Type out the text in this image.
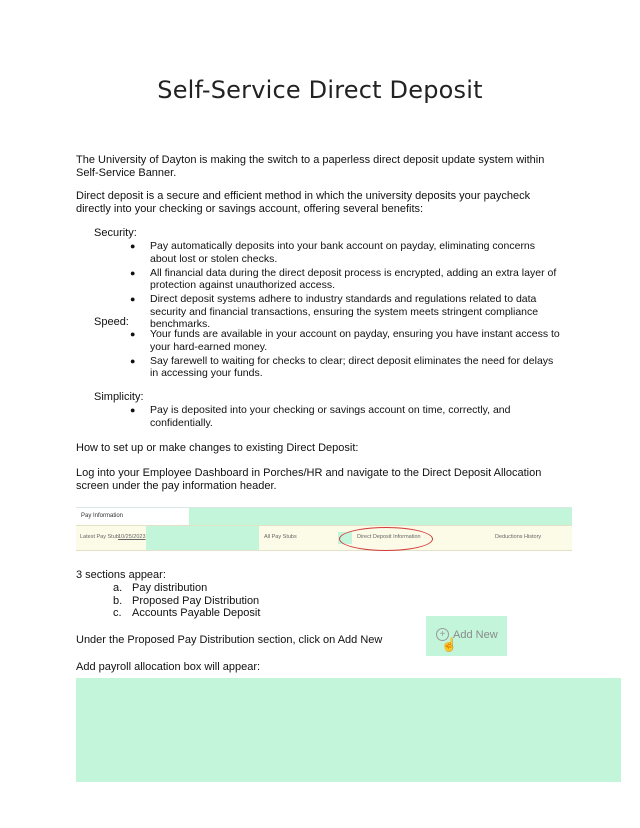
Self-Service Direct Deposit
The University of Dayton is making the switch to a paperless direct deposit update system within Self-Service Banner.
Direct deposit is a secure and efficient method in which the university deposits your paycheck directly into your checking or savings account, offering several benefits:
Security:
● Pay automatically deposits into your bank account on payday, eliminating concerns about lost or stolen checks.
● All financial data during the direct deposit process is encrypted, adding an extra layer of protection against unauthorized access.
● Direct deposit systems adhere to industry standards and regulations related to data security and financial transactions, ensuring the system meets stringent compliance benchmarks.
Speed:
● Your funds are available in your account on payday, ensuring you have instant access to your hard-earned money.
● Say farewell to waiting for checks to clear; direct deposit eliminates the need for delays in accessing your funds.
Simplicity:
● Pay is deposited into your checking or savings account on time, correctly, and confidentially.
How to set up or make changes to existing Direct Deposit:
Log into your Employee Dashboard in Porches/HR and navigate to the Direct Deposit Allocation screen under the pay information header.
Pay Information
Latest Pay Stub:
10/25/2023	All Pay Stubs	Direct Deposit Information	Deductions History
3 sections appear:
a. Pay distribution
b. Proposed Pay Distribution
c. Accounts Payable Deposit
Under the Proposed Pay Distribution section, click on Add New	+ Add New
☝
Add payroll allocation box will appear:
